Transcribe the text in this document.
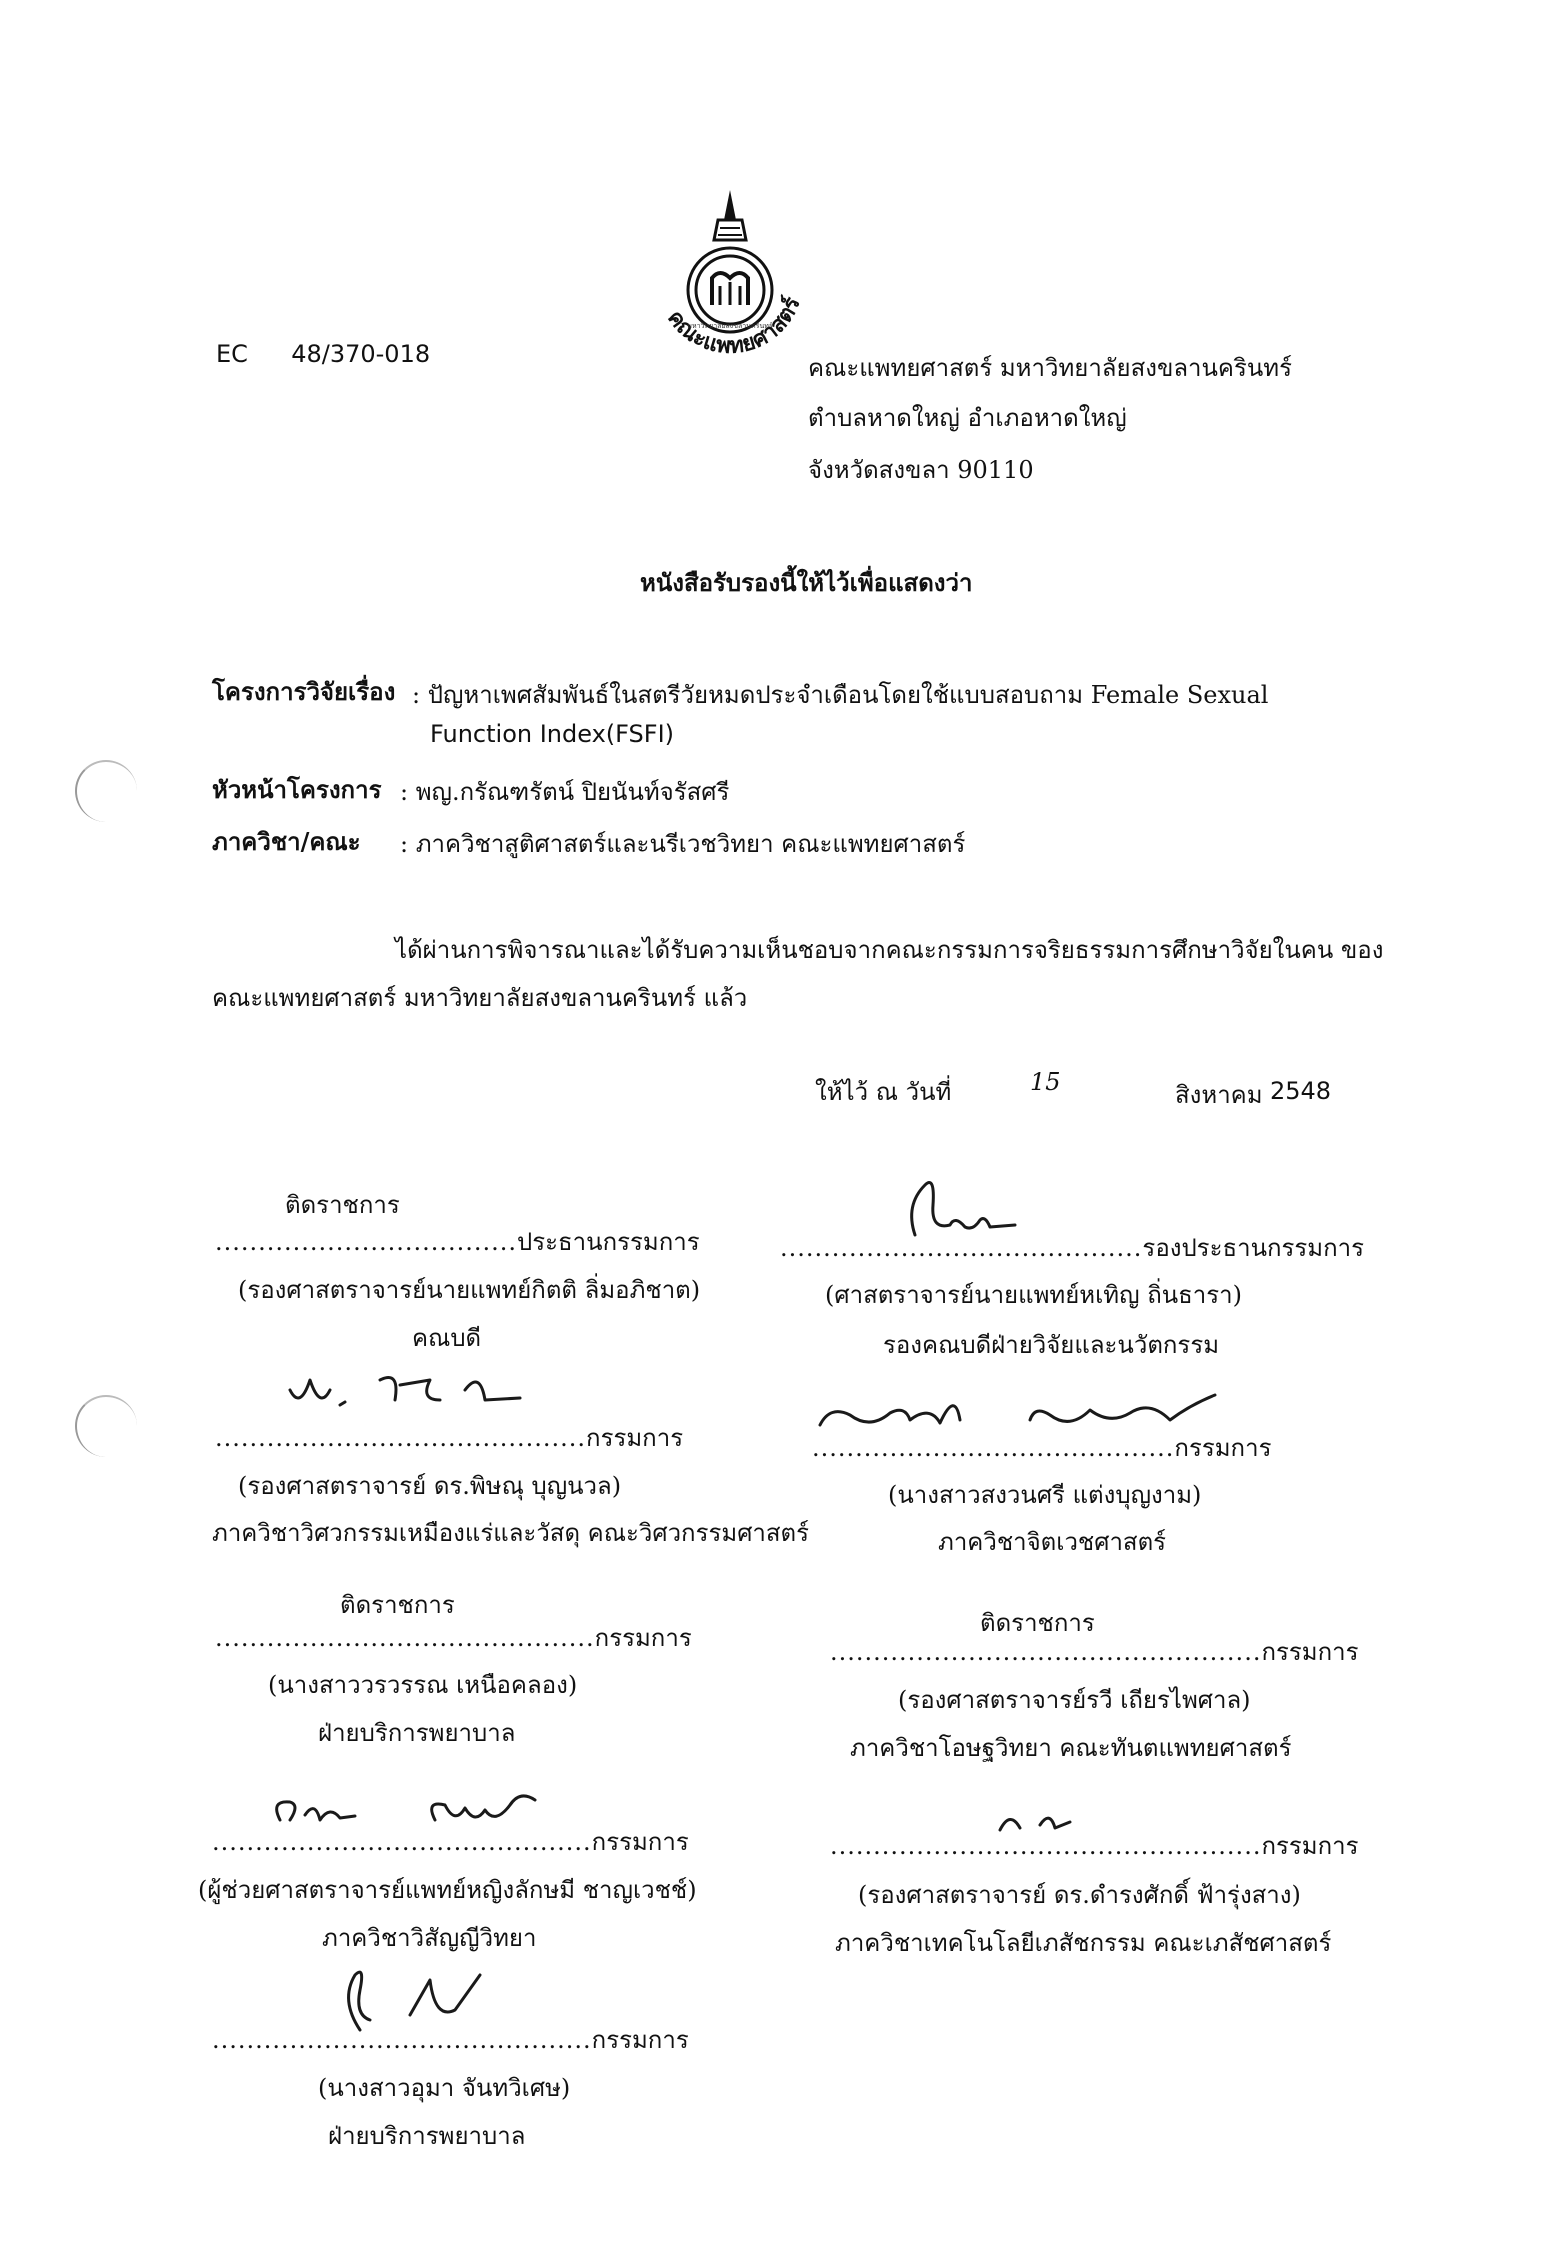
EC 48/370-018
คณะแพทยศาสตร์
มหาวิทยาลัยสงขลานครินทร์
คณะแพทยศาสตร์ มหาวิทยาลัยสงขลานครินทร์
ตำบลหาดใหญ่ อำเภอหาดใหญ่
จังหวัดสงขลา 90110
หนังสือรับรองนี้ให้ไว้เพื่อแสดงว่า
โครงการวิจัยเรื่อง : ปัญหาเพศสัมพันธ์ในสตรีวัยหมดประจำเดือนโดยใช้แบบสอบถาม Female Sexual
Function Index(FSFI)
หัวหน้าโครงการ : พญ.กรัณฑรัตน์ ปิยนันท์จรัสศรี
ภาควิชา/คณะ : ภาควิชาสูติศาสตร์และนรีเวชวิทยา คณะแพทยศาสตร์
ได้ผ่านการพิจารณาและได้รับความเห็นชอบจากคณะกรรมการจริยธรรมการศึกษาวิจัยในคน ของ
คณะแพทยศาสตร์ มหาวิทยาลัยสงขลานครินทร์ แล้ว
ให้ไว้ ณ วันที่	15	สิงหาคม 2548
ติดราชการ
...................................ประธานกรรมการ
(รองศาสตราจารย์นายแพทย์กิตติ ลิ่มอภิชาต)
คณบดี
..........................................รองประธานกรรมการ
(ศาสตราจารย์นายแพทย์หเทิญ ถิ่นธารา)
รองคณบดีฝ่ายวิจัยและนวัตกรรม
...........................................กรรมการ
(รองศาสตราจารย์ ดร.พิษณุ บุญนวล)
ภาควิชาวิศวกรรมเหมืองแร่และวัสดุ คณะวิศวกรรมศาสตร์
..........................................กรรมการ
(นางสาวสงวนศรี แต่งบุญงาม)
ภาควิชาจิตเวชศาสตร์
ติดราชการ
............................................กรรมการ
(นางสาววรวรรณ เหนือคลอง)
ฝ่ายบริการพยาบาล
ติดราชการ
..................................................กรรมการ
(รองศาสตราจารย์รวี เถียรไพศาล)
ภาควิชาโอษฐวิทยา คณะทันตแพทยศาสตร์
............................................กรรมการ
(ผู้ช่วยศาสตราจารย์แพทย์หญิงลักษมี ชาญเวชช์)
ภาควิชาวิสัญญีวิทยา
..................................................กรรมการ
(รองศาสตราจารย์ ดร.ดำรงศักดิ์ ฟ้ารุ่งสาง)
ภาควิชาเทคโนโลยีเภสัชกรรม คณะเภสัชศาสตร์
............................................กรรมการ
(นางสาวอุมา จันทวิเศษ)
ฝ่ายบริการพยาบาล
